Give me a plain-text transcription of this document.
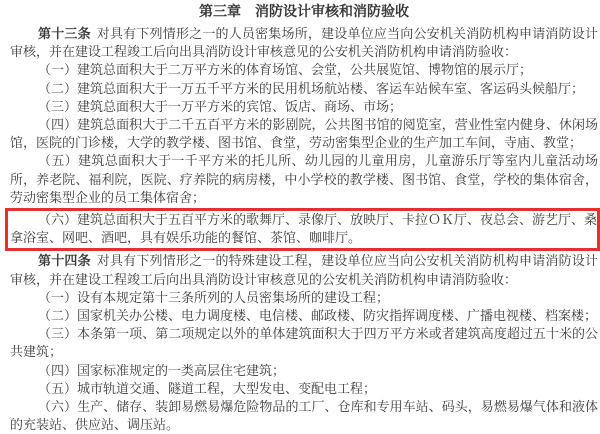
第三章　消防设计审核和消防验收

第十三条 对具有下列情形之一的人员密集场所，建设单位应当向公安机关消防机构申请消防设计审核，并在建设工程竣工后向出具消防设计审核意见的公安机关消防机构申请消防验收：

（一）建筑总面积大于二万平方米的体育场馆、会堂，公共展览馆、博物馆的展示厅；

（二）建筑总面积大于一万五千平方米的民用机场航站楼、客运车站候车室、客运码头候船厅；

（三）建筑总面积大于一万平方米的宾馆、饭店、商场、市场；

（四）建筑总面积大于二千五百平方米的影剧院，公共图书馆的阅览室，营业性室内健身、休闲场馆，医院的门诊楼，大学的教学楼、图书馆、食堂，劳动密集型企业的生产加工车间，寺庙、教堂；

（五）建筑总面积大于一千平方米的托儿所、幼儿园的儿童用房，儿童游乐厅等室内儿童活动场所，养老院、福利院，医院、疗养院的病房楼，中小学校的教学楼、图书馆、食堂，学校的集体宿舍，劳动密集型企业的员工集体宿舍；

（六）建筑总面积大于五百平方米的歌舞厅、录像厅、放映厅、卡拉ＯＫ厅、夜总会、游艺厅、桑拿浴室、网吧、酒吧，具有娱乐功能的餐馆、茶馆、咖啡厅。

第十四条 对具有下列情形之一的特殊建设工程，建设单位应当向公安机关消防机构申请消防设计审核，并在建设工程竣工后向出具消防设计审核意见的公安机关消防机构申请消防验收：

（一）设有本规定第十三条所列的人员密集场所的建设工程；

（二）国家机关办公楼、电力调度楼、电信楼、邮政楼、防灾指挥调度楼、广播电视楼、档案楼；

（三）本条第一项、第二项规定以外的单体建筑面积大于四万平方米或者建筑高度超过五十米的公共建筑；

（四）国家标准规定的一类高层住宅建筑；

（五）城市轨道交通、隧道工程，大型发电、变配电工程；

（六）生产、储存、装卸易燃易爆危险物品的工厂、仓库和专用车站、码头，易燃易爆气体和液体的充装站、供应站、调压站。
